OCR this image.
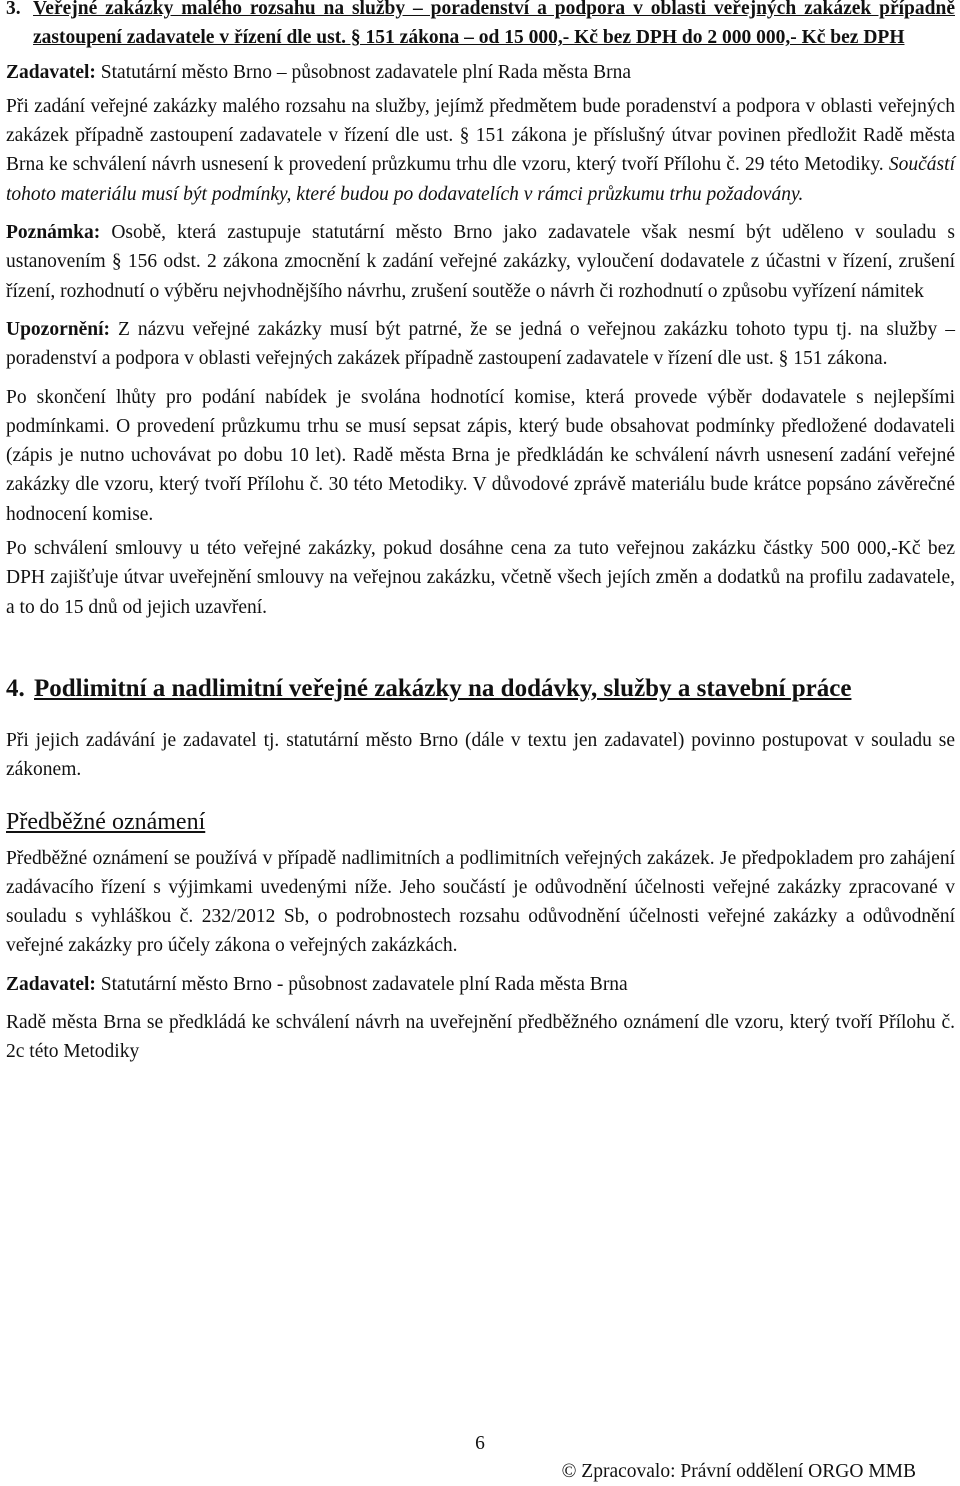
3. Veřejné zakázky malého rozsahu na služby – poradenství a podpora v oblasti veřejných zakázek případně zastoupení zadavatele v řízení dle ust. § 151 zákona – od 15 000,- Kč bez DPH do 2 000 000,- Kč bez DPH

Zadavatel: Statutární město Brno – působnost zadavatele plní Rada města Brna

Při zadání veřejné zakázky malého rozsahu na služby, jejímž předmětem bude poradenství a podpora v oblasti veřejných zakázek případně zastoupení zadavatele v řízení dle ust. § 151 zákona je příslušný útvar povinen předložit Radě města Brna ke schválení návrh usnesení k provedení průzkumu trhu dle vzoru, který tvoří Přílohu č. 29 této Metodiky. Součástí tohoto materiálu musí být podmínky, které budou po dodavatelích v rámci průzkumu trhu požadovány.

Poznámka: Osobě, která zastupuje statutární město Brno jako zadavatele však nesmí být uděleno v souladu s ustanovením § 156 odst. 2 zákona zmocnění k zadání veřejné zakázky, vyloučení dodavatele z účastni v řízení, zrušení řízení, rozhodnutí o výběru nejvhodnějšího návrhu, zrušení soutěže o návrh či rozhodnutí o způsobu vyřízení námitek

Upozornění: Z názvu veřejné zakázky musí být patrné, že se jedná o veřejnou zakázku tohoto typu tj. na služby – poradenství a podpora v oblasti veřejných zakázek případně zastoupení zadavatele v řízení dle ust. § 151 zákona.

Po skončení lhůty pro podání nabídek je svolána hodnotící komise, která provede výběr dodavatele s nejlepšími podmínkami. O provedení průzkumu trhu se musí sepsat zápis, který bude obsahovat podmínky předložené dodavateli (zápis je nutno uchovávat po dobu 10 let). Radě města Brna je předkládán ke schválení návrh usnesení zadání veřejné zakázky dle vzoru, který tvoří Přílohu č. 30 této Metodiky. V důvodové zprávě materiálu bude krátce popsáno závěrečné hodnocení komise.

Po schválení smlouvy u této veřejné zakázky, pokud dosáhne cena za tuto veřejnou zakázku částky 500 000,-Kč bez DPH zajišťuje útvar uveřejnění smlouvy na veřejnou zakázku, včetně všech jejích změn a dodatků na profilu zadavatele, a to do 15 dnů od jejich uzavření.

4. Podlimitní a nadlimitní veřejné zakázky na dodávky, služby a stavební práce

Při jejich zadávání je zadavatel tj. statutární město Brno (dále v textu jen zadavatel) povinno postupovat v souladu se zákonem.

Předběžné oznámení

Předběžné oznámení se používá v případě nadlimitních a podlimitních veřejných zakázek. Je předpokladem pro zahájení zadávacího řízení s výjimkami uvedenými níže. Jeho součástí je odůvodnění účelnosti veřejné zakázky zpracované v souladu s vyhláškou č. 232/2012 Sb, o podrobnostech rozsahu odůvodnění účelnosti veřejné zakázky a odůvodnění veřejné zakázky pro účely zákona o veřejných zakázkách.

Zadavatel: Statutární město Brno - působnost zadavatele plní Rada města Brna

Radě města Brna se předkládá ke schválení návrh na uveřejnění předběžného oznámení dle vzoru, který tvoří Přílohu č. 2c této Metodiky

6
© Zpracovalo: Právní oddělení ORGO MMB
